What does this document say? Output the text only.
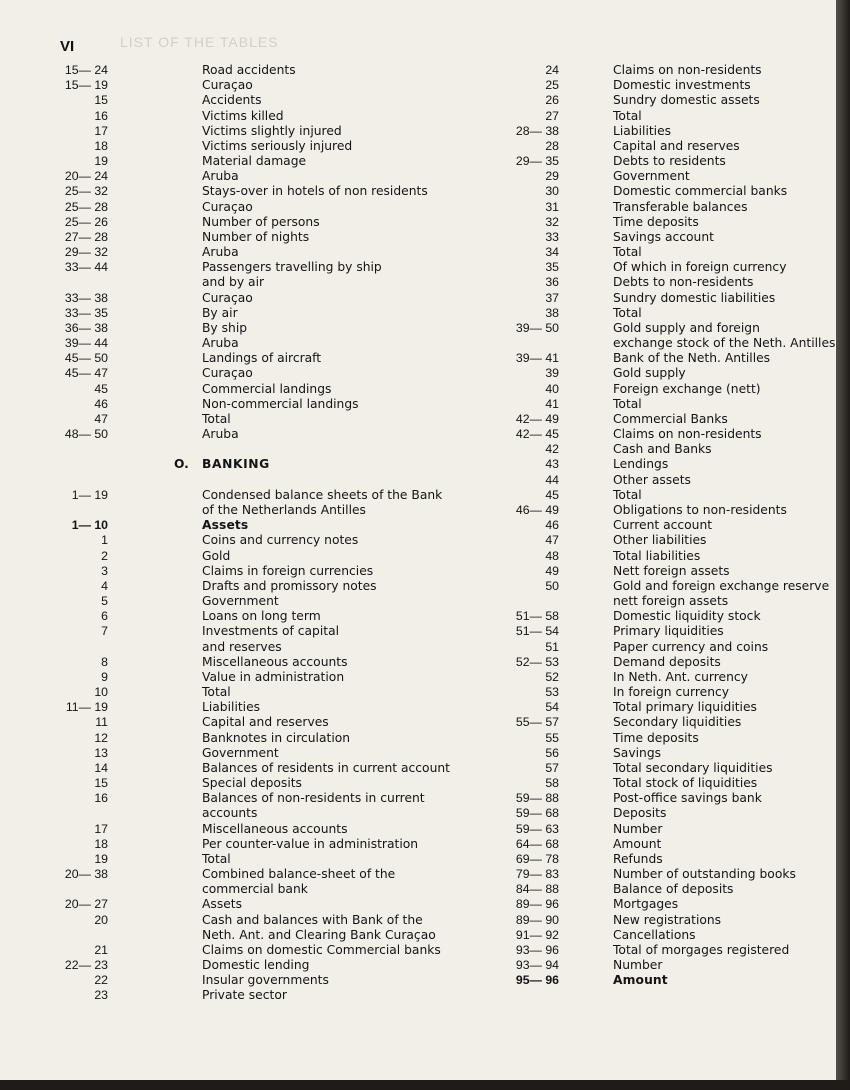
LIST OF THE TABLES
VI
15— 24	Road accidents
15— 19	Curaçao
15	Accidents
16	Victims killed
17	Victims slightly injured
18	Victims seriously injured
19	Material damage
20— 24	Aruba
25— 32	Stays-over in hotels of non residents
25— 28	Curaçao
25— 26	Number of persons
27— 28	Number of nights
29— 32	Aruba
33— 44	Passengers travelling by ship
and by air
33— 38	Curaçao
33— 35	By air
36— 38	By ship
39— 44	Aruba
45— 50	Landings of aircraft
45— 47	Curaçao
45	Commercial landings
46	Non-commercial landings
47	Total
48— 50	Aruba
O. BANKING
1— 19	Condensed balance sheets of the Bank
of the Netherlands Antilles
1— 10	Assets
1	Coins and currency notes
2	Gold
3	Claims in foreign currencies
4	Drafts and promissory notes
5	Government
6	Loans on long term
7	Investments of capital
and reserves
8	Miscellaneous accounts
9	Value in administration
10	Total
11— 19	Liabilities
11	Capital and reserves
12	Banknotes in circulation
13	Government
14	Balances of residents in current account
15	Special deposits
16	Balances of non-residents in current
accounts
17	Miscellaneous accounts
18	Per counter-value in administration
19	Total
20— 38	Combined balance-sheet of the
commercial bank
20— 27	Assets
20	Cash and balances with Bank of the
Neth. Ant. and Clearing Bank Curaçao
21	Claims on domestic Commercial banks
22— 23	Domestic lending
22	Insular governments
23	Private sector
24	Claims on non-residents
25	Domestic investments
26	Sundry domestic assets
27	Total
28— 38	Liabilities
28	Capital and reserves
29— 35	Debts to residents
29	Government
30	Domestic commercial banks
31	Transferable balances
32	Time deposits
33	Savings account
34	Total
35	Of which in foreign currency
36	Debts to non-residents
37	Sundry domestic liabilities
38	Total
39— 50	Gold supply and foreign
exchange stock of the Neth. Antilles
39— 41	Bank of the Neth. Antilles
39	Gold supply
40	Foreign exchange (nett)
41	Total
42— 49	Commercial Banks
42— 45	Claims on non-residents
42	Cash and Banks
43	Lendings
44	Other assets
45	Total
46— 49	Obligations to non-residents
46	Current account
47	Other liabilities
48	Total liabilities
49	Nett foreign assets
50	Gold and foreign exchange reserve
nett foreign assets
51— 58	Domestic liquidity stock
51— 54	Primary liquidities
51	Paper currency and coins
52— 53	Demand deposits
52	In Neth. Ant. currency
53	In foreign currency
54	Total primary liquidities
55— 57	Secondary liquidities
55	Time deposits
56	Savings
57	Total secondary liquidities
58	Total stock of liquidities
59— 88	Post-office savings bank
59— 68	Deposits
59— 63	Number
64— 68	Amount
69— 78	Refunds
79— 83	Number of outstanding books
84— 88	Balance of deposits
89— 96	Mortgages
89— 90	New registrations
91— 92	Cancellations
93— 96	Total of morgages registered
93— 94	Number
95— 96	Amount
